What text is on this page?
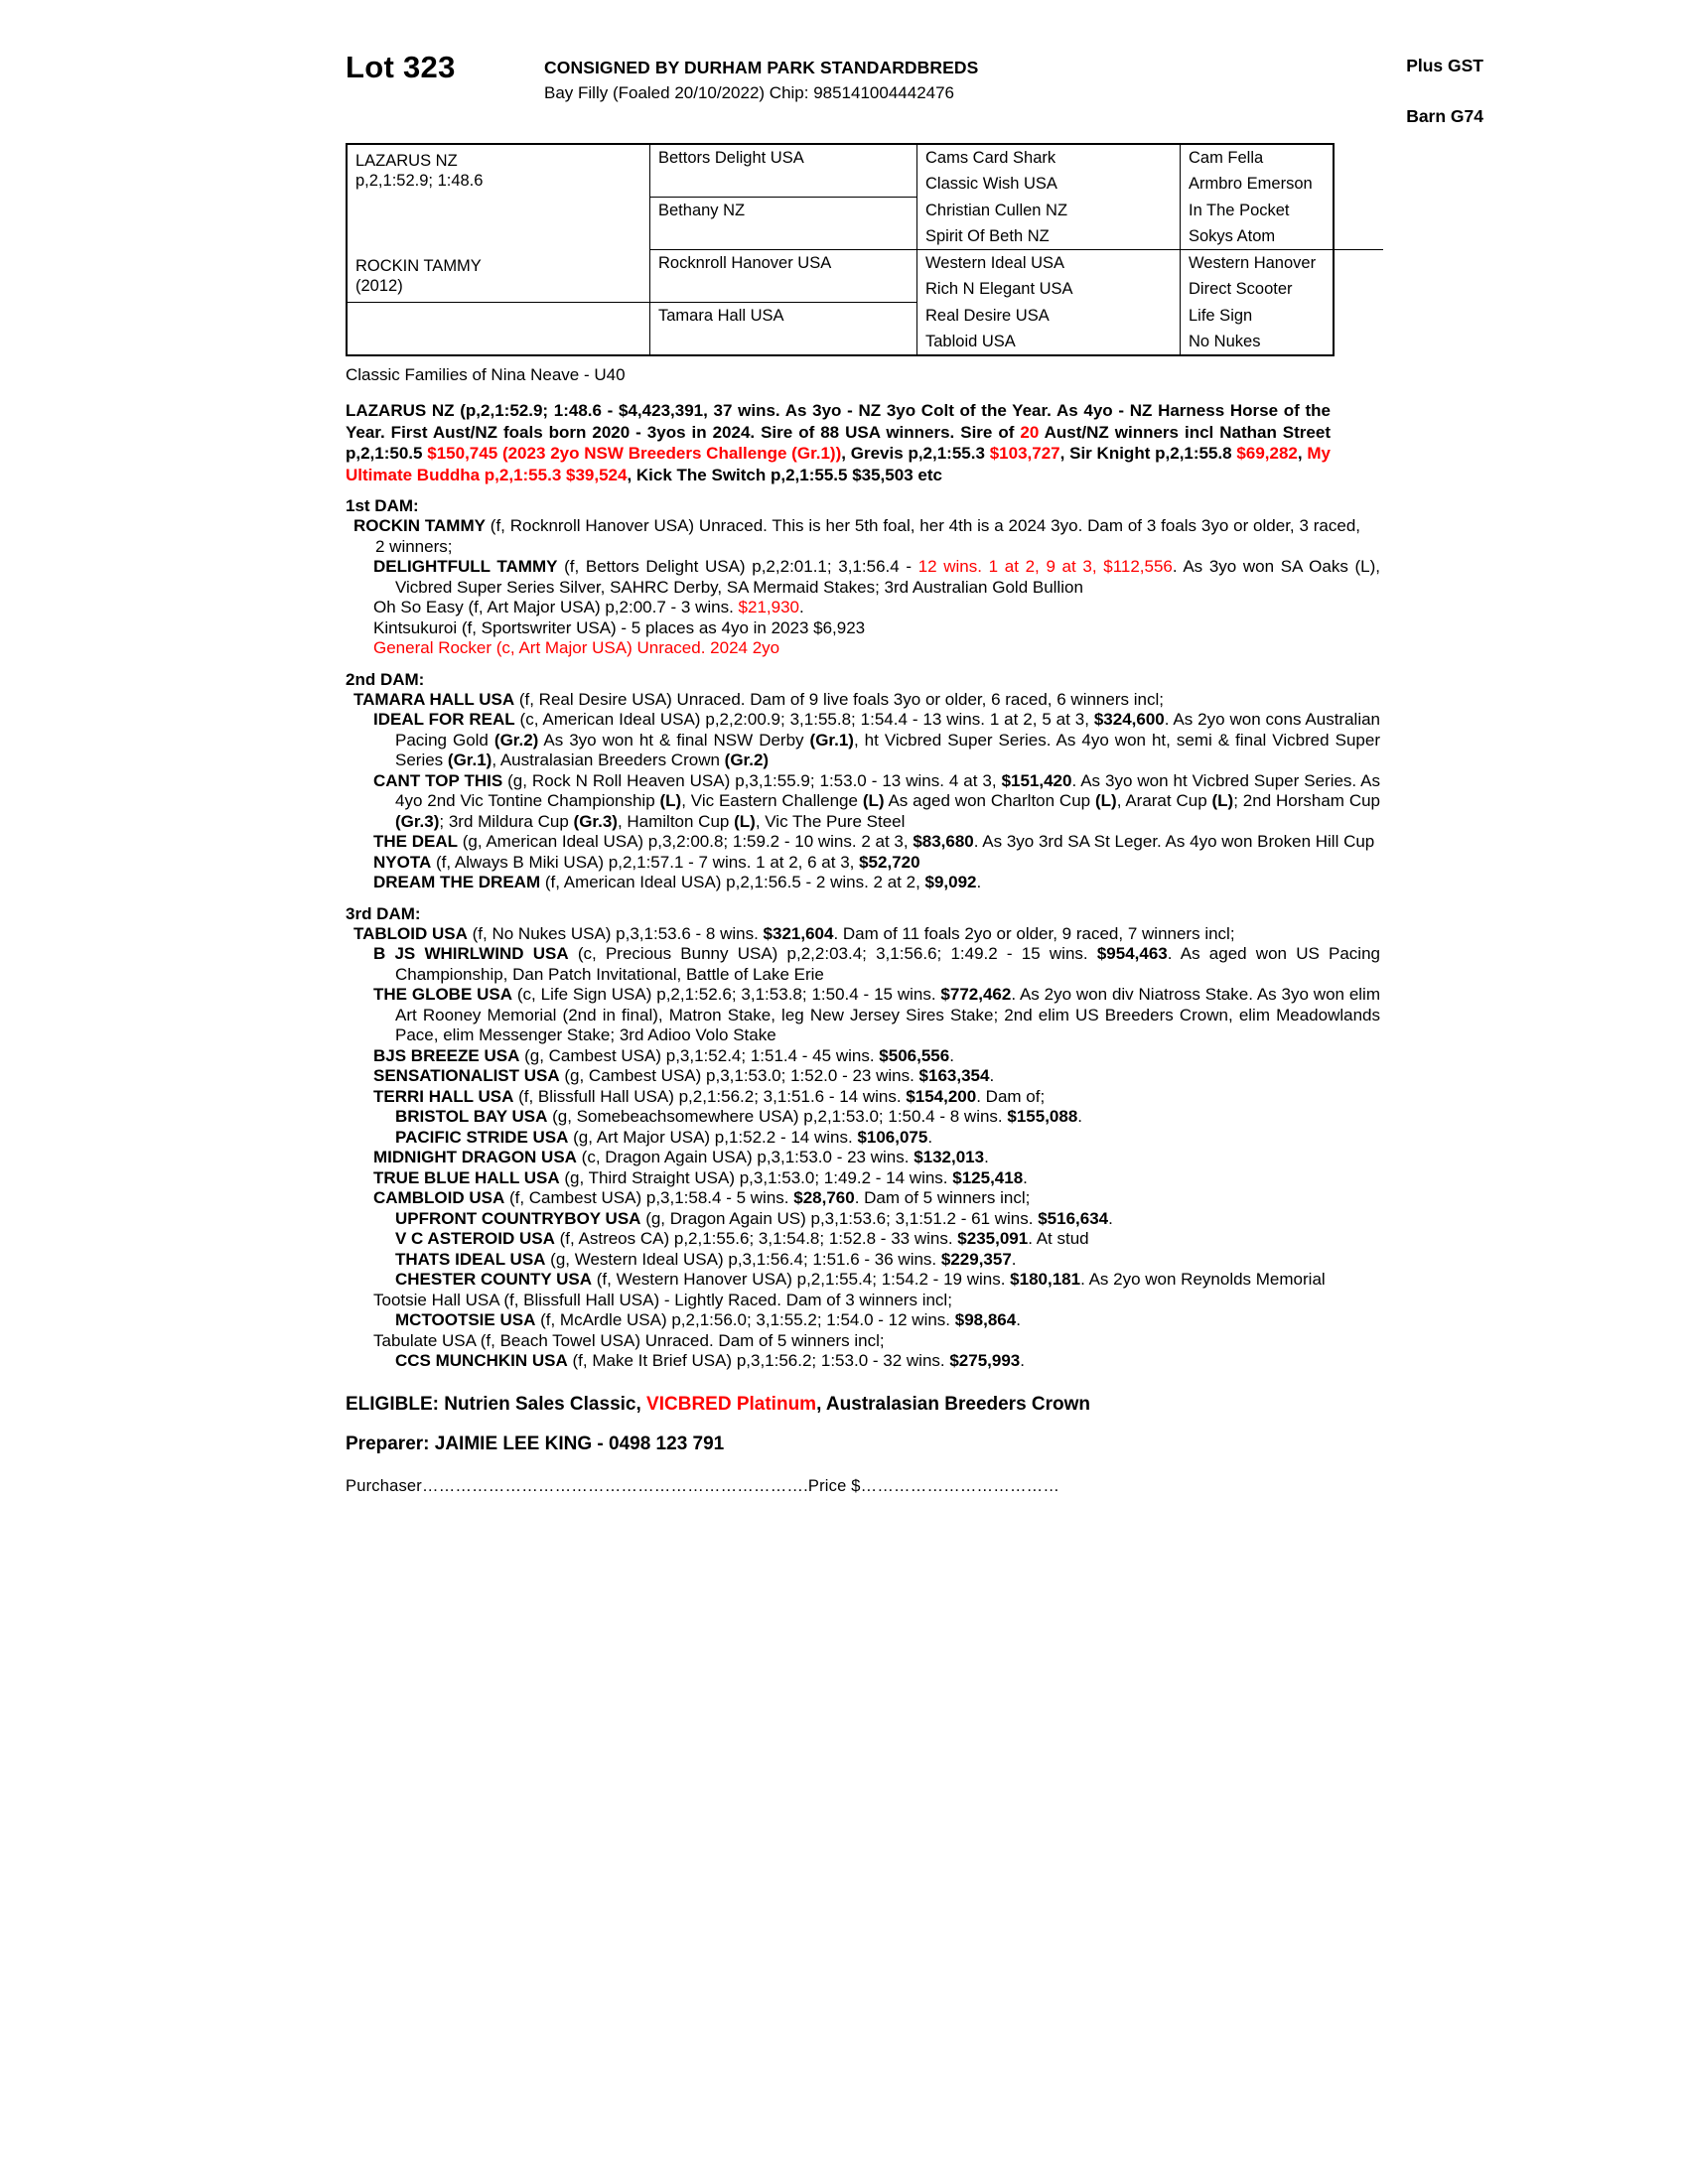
Lot 323	CONSIGNED BY DURHAM PARK STANDARDBREDS
Bay Filly (Foaled 20/10/2022) Chip: 985141004442476
Plus GST
Barn G74
LAZARUS NZ
p,2,1:52.9; 1:48.6	Bettors Delight USA	Cams Card Shark	Cam Fella
		Classic Wish USA	Armbro Emerson
	Bethany NZ	Christian Cullen NZ	In The Pocket
		Spirit Of Beth NZ	Sokys Atom

ROCKIN TAMMY
(2012)	Rocknroll Hanover USA	Western Ideal USA	Western Hanover
		Rich N Elegant USA	Direct Scooter
	Tamara Hall USA	Real Desire USA	Life Sign
		Tabloid USA	No Nukes
Classic Families of Nina Neave - U40
LAZARUS NZ (p,2,1:52.9; 1:48.6 - $4,423,391, 37 wins. As 3yo - NZ 3yo Colt of the Year. As 4yo - NZ Harness Horse of the Year. First Aust/NZ foals born 2020 - 3yos in 2024. Sire of 88 USA winners. Sire of 20 Aust/NZ winners incl Nathan Street p,2,1:50.5 $150,745 (2023 2yo NSW Breeders Challenge (Gr.1)), Grevis p,2,1:55.3 $103,727, Sir Knight p,2,1:55.8 $69,282, My Ultimate Buddha p,2,1:55.3 $39,524, Kick The Switch p,2,1:55.5 $35,503 etc
1st DAM:
ROCKIN TAMMY (f, Rocknroll Hanover USA) Unraced. This is her 5th foal, her 4th is a 2024 3yo. Dam of 3 foals 3yo or older, 3 raced, 2 winners;
DELIGHTFULL TAMMY (f, Bettors Delight USA) p,2,2:01.1; 3,1:56.4 - 12 wins. 1 at 2, 9 at 3, $112,556. As 3yo won SA Oaks (L), Vicbred Super Series Silver, SAHRC Derby, SA Mermaid Stakes; 3rd Australian Gold Bullion
Oh So Easy (f, Art Major USA) p,2:00.7 - 3 wins. $21,930.
Kintsukuroi (f, Sportswriter USA) - 5 places as 4yo in 2023 $6,923
General Rocker (c, Art Major USA) Unraced. 2024 2yo
2nd DAM:
TAMARA HALL USA (f, Real Desire USA) Unraced. Dam of 9 live foals 3yo or older, 6 raced, 6 winners incl;
IDEAL FOR REAL (c, American Ideal USA) p,2,2:00.9; 3,1:55.8; 1:54.4 - 13 wins. 1 at 2, 5 at 3, $324,600. As 2yo won cons Australian Pacing Gold (Gr.2) As 3yo won ht & final NSW Derby (Gr.1), ht Vicbred Super Series. As 4yo won ht, semi & final Vicbred Super Series (Gr.1), Australasian Breeders Crown (Gr.2)
CANT TOP THIS (g, Rock N Roll Heaven USA) p,3,1:55.9; 1:53.0 - 13 wins. 4 at 3, $151,420. As 3yo won ht Vicbred Super Series. As 4yo 2nd Vic Tontine Championship (L), Vic Eastern Challenge (L) As aged won Charlton Cup (L), Ararat Cup (L); 2nd Horsham Cup (Gr.3); 3rd Mildura Cup (Gr.3), Hamilton Cup (L), Vic The Pure Steel
THE DEAL (g, American Ideal USA) p,3,2:00.8; 1:59.2 - 10 wins. 2 at 3, $83,680. As 3yo 3rd SA St Leger. As 4yo won Broken Hill Cup
NYOTA (f, Always B Miki USA) p,2,1:57.1 - 7 wins. 1 at 2, 6 at 3, $52,720
DREAM THE DREAM (f, American Ideal USA) p,2,1:56.5 - 2 wins. 2 at 2, $9,092.
3rd DAM:
TABLOID USA (f, No Nukes USA) p,3,1:53.6 - 8 wins. $321,604. Dam of 11 foals 2yo or older, 9 raced, 7 winners incl;
B JS WHIRLWIND USA (c, Precious Bunny USA) p,2,2:03.4; 3,1:56.6; 1:49.2 - 15 wins. $954,463. As aged won US Pacing Championship, Dan Patch Invitational, Battle of Lake Erie
THE GLOBE USA (c, Life Sign USA) p,2,1:52.6; 3,1:53.8; 1:50.4 - 15 wins. $772,462. As 2yo won div Niatross Stake. As 3yo won elim Art Rooney Memorial (2nd in final), Matron Stake, leg New Jersey Sires Stake; 2nd elim US Breeders Crown, elim Meadowlands Pace, elim Messenger Stake; 3rd Adioo Volo Stake
BJS BREEZE USA (g, Cambest USA) p,3,1:52.4; 1:51.4 - 45 wins. $506,556.
SENSATIONALIST USA (g, Cambest USA) p,3,1:53.0; 1:52.0 - 23 wins. $163,354.
TERRI HALL USA (f, Blissfull Hall USA) p,2,1:56.2; 3,1:51.6 - 14 wins. $154,200. Dam of;
BRISTOL BAY USA (g, Somebeachsomewhere USA) p,2,1:53.0; 1:50.4 - 8 wins. $155,088.
PACIFIC STRIDE USA (g, Art Major USA) p,1:52.2 - 14 wins. $106,075.
MIDNIGHT DRAGON USA (c, Dragon Again USA) p,3,1:53.0 - 23 wins. $132,013.
TRUE BLUE HALL USA (g, Third Straight USA) p,3,1:53.0; 1:49.2 - 14 wins. $125,418.
CAMBLOID USA (f, Cambest USA) p,3,1:58.4 - 5 wins. $28,760. Dam of 5 winners incl;
UPFRONT COUNTRYBOY USA (g, Dragon Again US) p,3,1:53.6; 3,1:51.2 - 61 wins. $516,634.
V C ASTEROID USA (f, Astreos CA) p,2,1:55.6; 3,1:54.8; 1:52.8 - 33 wins. $235,091. At stud
THATS IDEAL USA (g, Western Ideal USA) p,3,1:56.4; 1:51.6 - 36 wins. $229,357.
CHESTER COUNTY USA (f, Western Hanover USA) p,2,1:55.4; 1:54.2 - 19 wins. $180,181. As 2yo won Reynolds Memorial
Tootsie Hall USA (f, Blissfull Hall USA) - Lightly Raced. Dam of 3 winners incl;
MCTOOTSIE USA (f, McArdle USA) p,2,1:56.0; 3,1:55.2; 1:54.0 - 12 wins. $98,864.
Tabulate USA (f, Beach Towel USA) Unraced. Dam of 5 winners incl;
CCS MUNCHKIN USA (f, Make It Brief USA) p,3,1:56.2; 1:53.0 - 32 wins. $275,993.
ELIGIBLE: Nutrien Sales Classic, VICBRED Platinum, Australasian Breeders Crown
Preparer: JAIMIE LEE KING - 0498 123 791
Purchaser…………………………………………………………….Price $………………………………
